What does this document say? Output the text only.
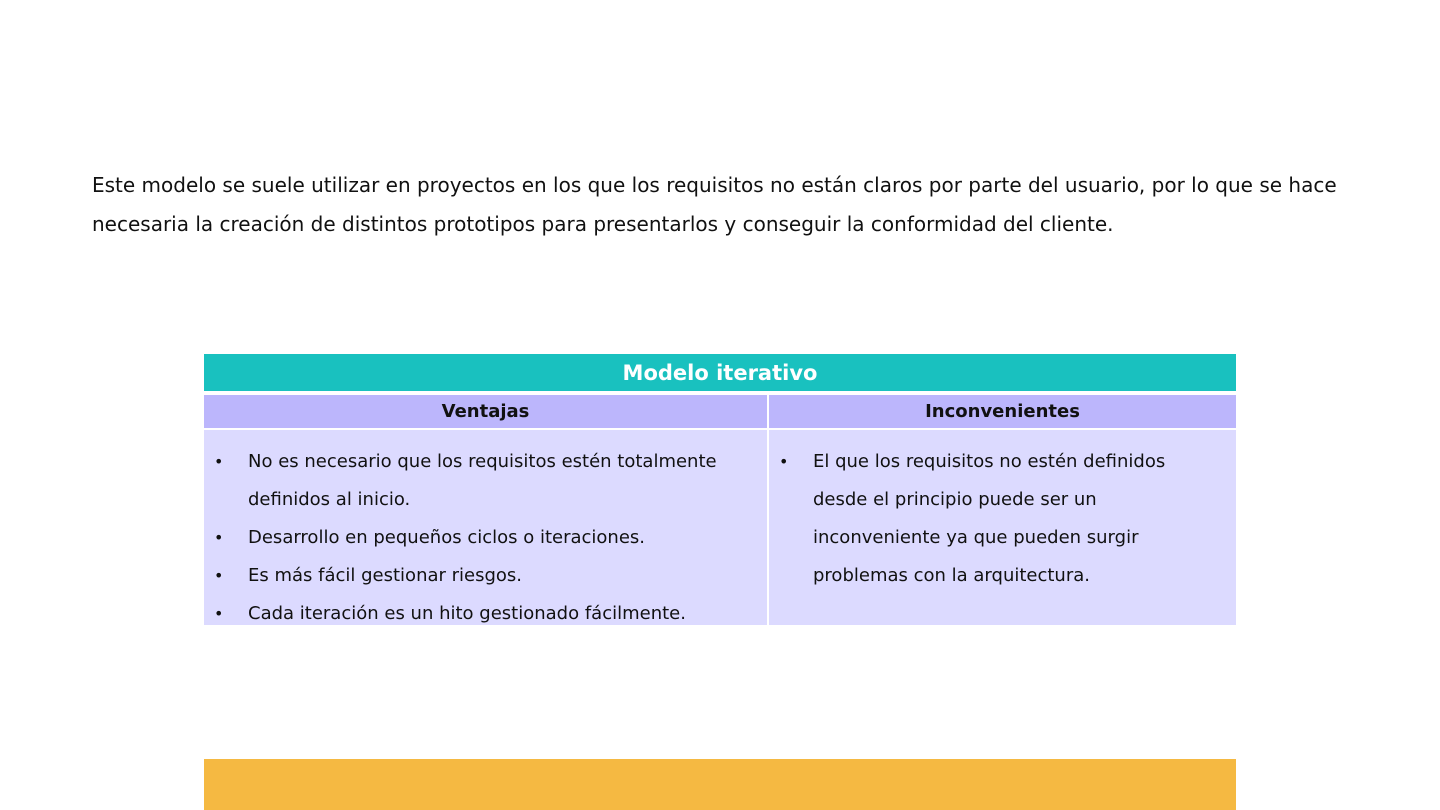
Este modelo se suele utilizar en proyectos en los que los requisitos no están claros por parte del usuario, por lo que se hace necesaria la creación de distintos prototipos para presentarlos y conseguir la conformidad del cliente.

Modelo iterativo
Ventajas	Inconvenientes
• No es necesario que los requisitos estén totalmente definidos al inicio.
• Desarrollo en pequeños ciclos o iteraciones.
• Es más fácil gestionar riesgos.
• Cada iteración es un hito gestionado fácilmente.
• El que los requisitos no estén definidos desde el principio puede ser un inconveniente ya que pueden surgir problemas con la arquitectura.
